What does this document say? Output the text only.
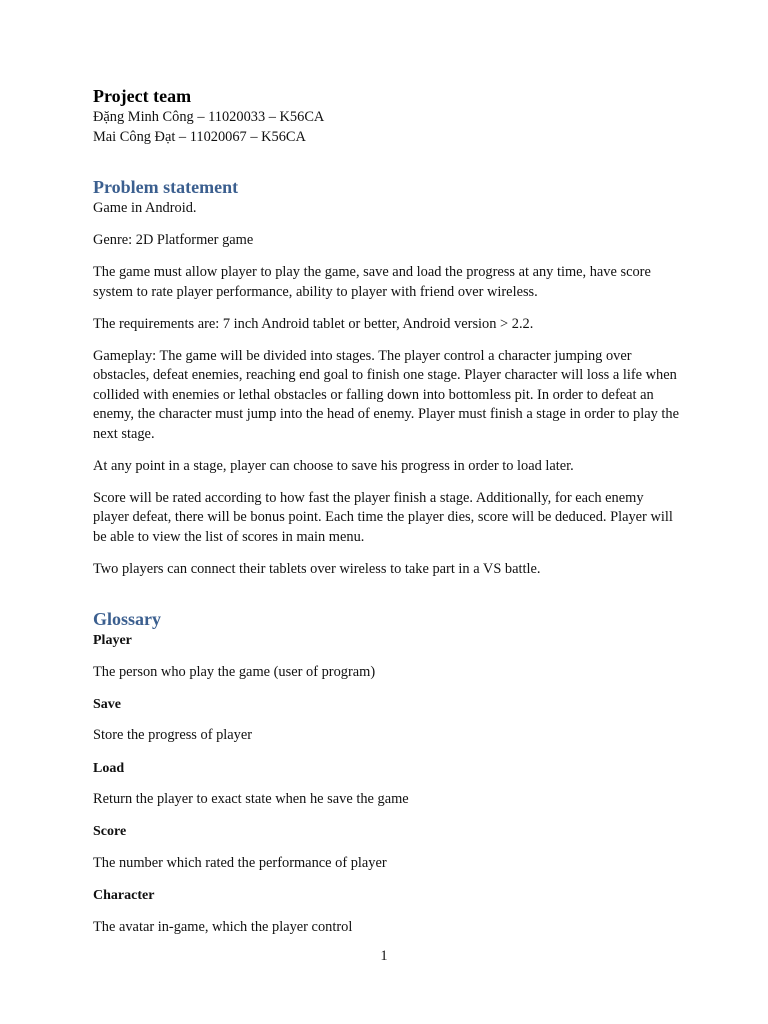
Project team
Đặng Minh Công – 11020033 – K56CA
Mai Công Đạt – 11020067 – K56CA
Problem statement

Game in Android.

Genre: 2D Platformer game

The game must allow player to play the game, save and load the progress at any time, have score system to rate player performance, ability to player with friend over wireless.

The requirements are: 7 inch Android tablet or better, Android version > 2.2.

Gameplay: The game will be divided into stages. The player control a character jumping over obstacles, defeat enemies, reaching end goal to finish one stage. Player character will loss a life when collided with enemies or lethal obstacles or falling down into bottomless pit. In order to defeat an enemy, the character must jump into the head of enemy. Player must finish a stage in order to play the next stage.

At any point in a stage, player can choose to save his progress in order to load later.

Score will be rated according to how fast the player finish a stage. Additionally, for each enemy player defeat, there will be bonus point. Each time the player dies, score will be deduced. Player will be able to view the list of scores in main menu.

Two players can connect their tablets over wireless to take part in a VS battle.

Glossary
Player

The person who play the game (user of program)

Save

Store the progress of player

Load

Return the player to exact state when he save the game

Score

The number which rated the performance of player

Character

The avatar in-game, which the player control

1
